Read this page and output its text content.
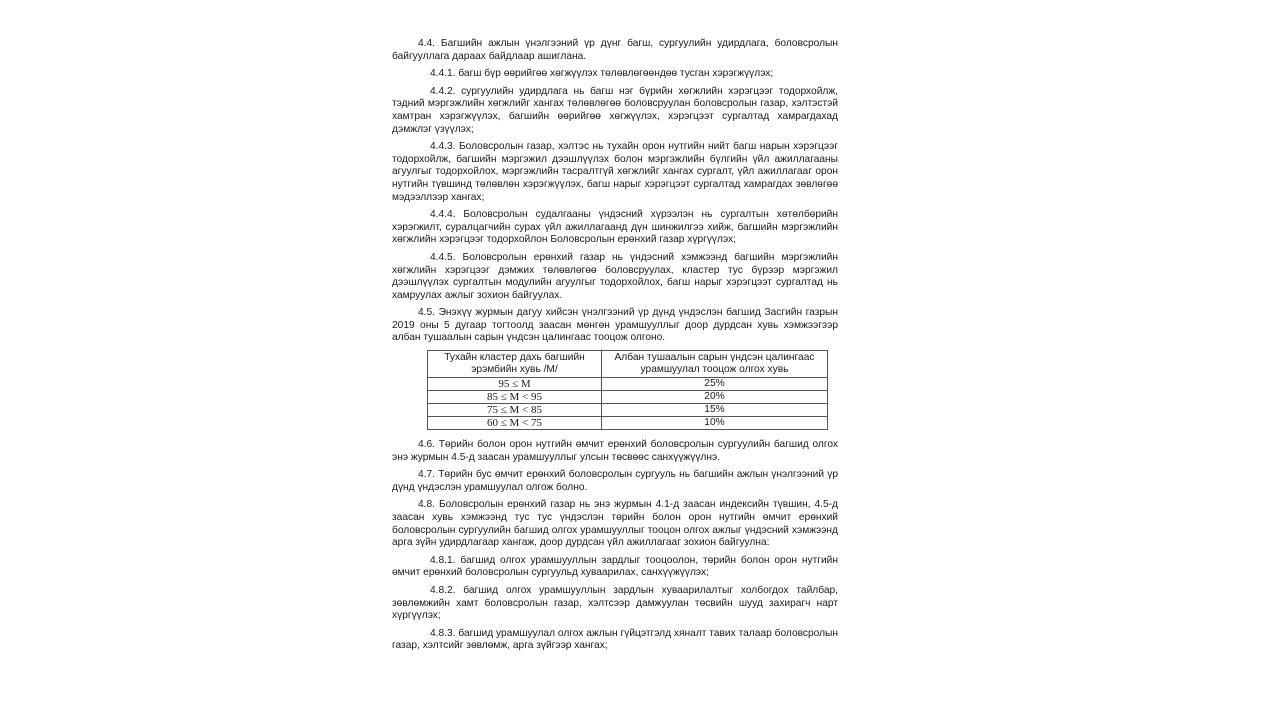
4.4. Багшийн ажлын үнэлгээний үр дүнг багш, сургуулийн удирдлага, боловсролын байгууллага дараах байдлаар ашиглана.

4.4.1. багш бүр өөрийгөө хөгжүүлэх төлөвлөгөөндөө тусган хэрэгжүүлэх;

4.4.2. сургуулийн удирдлага нь багш нэг бүрийн хөгжлийн хэрэгцээг тодорхойлж, тэдний мэргэжлийн хөгжлийг хангах төлөвлөгөө боловсруулан боловсролын газар, хэлтэстэй хамтран хэрэгжүүлэх, багшийн өөрийгөө хөгжүүлэх, хэрэгцээт сургалтад хамрагдахад дэмжлэг үзүүлэх;

4.4.3. Боловсролын газар, хэлтэс нь тухайн орон нутгийн нийт багш нарын хэрэгцээг тодорхойлж, багшийн мэргэжил дээшлүүлэх болон мэргэжлийн бүлгийн үйл ажиллагааны агуулгыг тодорхойлох, мэргэжлийн тасралтгүй хөгжлийг хангах сургалт, үйл ажиллагааг орон нутгийн түвшинд төлөвлөн хэрэгжүүлэх, багш нарыг хэрэгцээт сургалтад хамрагдах зөвлөгөө мэдээллээр хангах;

4.4.4. Боловсролын судалгааны үндэсний хүрээлэн нь сургалтын хөтөлбөрийн хэрэгжилт, суралцагчийн сурах үйл ажиллагаанд дүн шинжилгээ хийж, багшийн мэргэжлийн хөгжлийн хэрэгцээг тодорхойлон Боловсролын ерөнхий газар хүргүүлэх;

4.4.5. Боловсролын ерөнхий газар нь үндэсний хэмжээнд багшийн мэргэжлийн хөгжлийн хэрэгцээг дэмжих төлөвлөгөө боловсруулах, кластер тус бүрээр мэргэжил дээшлүүлэх сургалтын модулийн агуулгыг тодорхойлох, багш нарыг хэрэгцээт сургалтад нь хамруулах ажлыг зохион байгуулах.

4.5. Энэхүү журмын дагуу хийсэн үнэлгээний үр дүнд үндэслэн багшид Засгийн газрын 2019 оны 5 дугаар тогтоолд заасан мөнгөн урамшууллыг доор дурдсан хувь хэмжээгээр албан тушаалын сарын үндсэн цалингаас тооцож олгоно.

Тухайн кластер дахь багшийн эрэмбийн хувь /M/	Албан тушаалын сарын үндсэн цалингаас урамшуулал тооцож олгох хувь
95 ≤ M	25%
85 ≤ M < 95	20%
75 ≤ M < 85	15%
60 ≤ M < 75	10%

4.6. Төрийн болон орон нутгийн өмчит ерөнхий боловсролын сургуулийн багшид олгох энэ журмын 4.5-д заасан урамшууллыг улсын төсвөөс санхүүжүүлнэ.

4.7. Төрийн бус өмчит ерөнхий боловсролын сургууль нь багшийн ажлын үнэлгээний үр дүнд үндэслэн урамшуулал олгож болно.

4.8. Боловсролын ерөнхий газар нь энэ журмын 4.1-д заасан индексийн түвшин, 4.5-д заасан хувь хэмжээнд тус тус үндэслэн төрийн болон орон нутгийн өмчит ерөнхий боловсролын сургуулийн багшид олгох урамшууллыг тооцон олгох ажлыг үндэсний хэмжээнд арга зүйн удирдлагаар хангаж, доор дурдсан үйл ажиллагааг зохион байгуулна:

4.8.1. багшид олгох урамшууллын зардлыг тооцоолон, төрийн болон орон нутгийн өмчит ерөнхий боловсролын сургуульд хуваарилах, санхүүжүүлэх;

4.8.2. багшид олгох урамшууллын зардлын хуваарилалтыг холбогдох тайлбар, зөвлөмжийн хамт боловсролын газар, хэлтсээр дамжуулан төсвийн шууд захирагч нарт хүргүүлэх;

4.8.3. багшид урамшуулал олгох ажлын гүйцэтгэлд хяналт тавих талаар боловсролын газар, хэлтсийг зөвлөмж, арга зүйгээр хангах;
